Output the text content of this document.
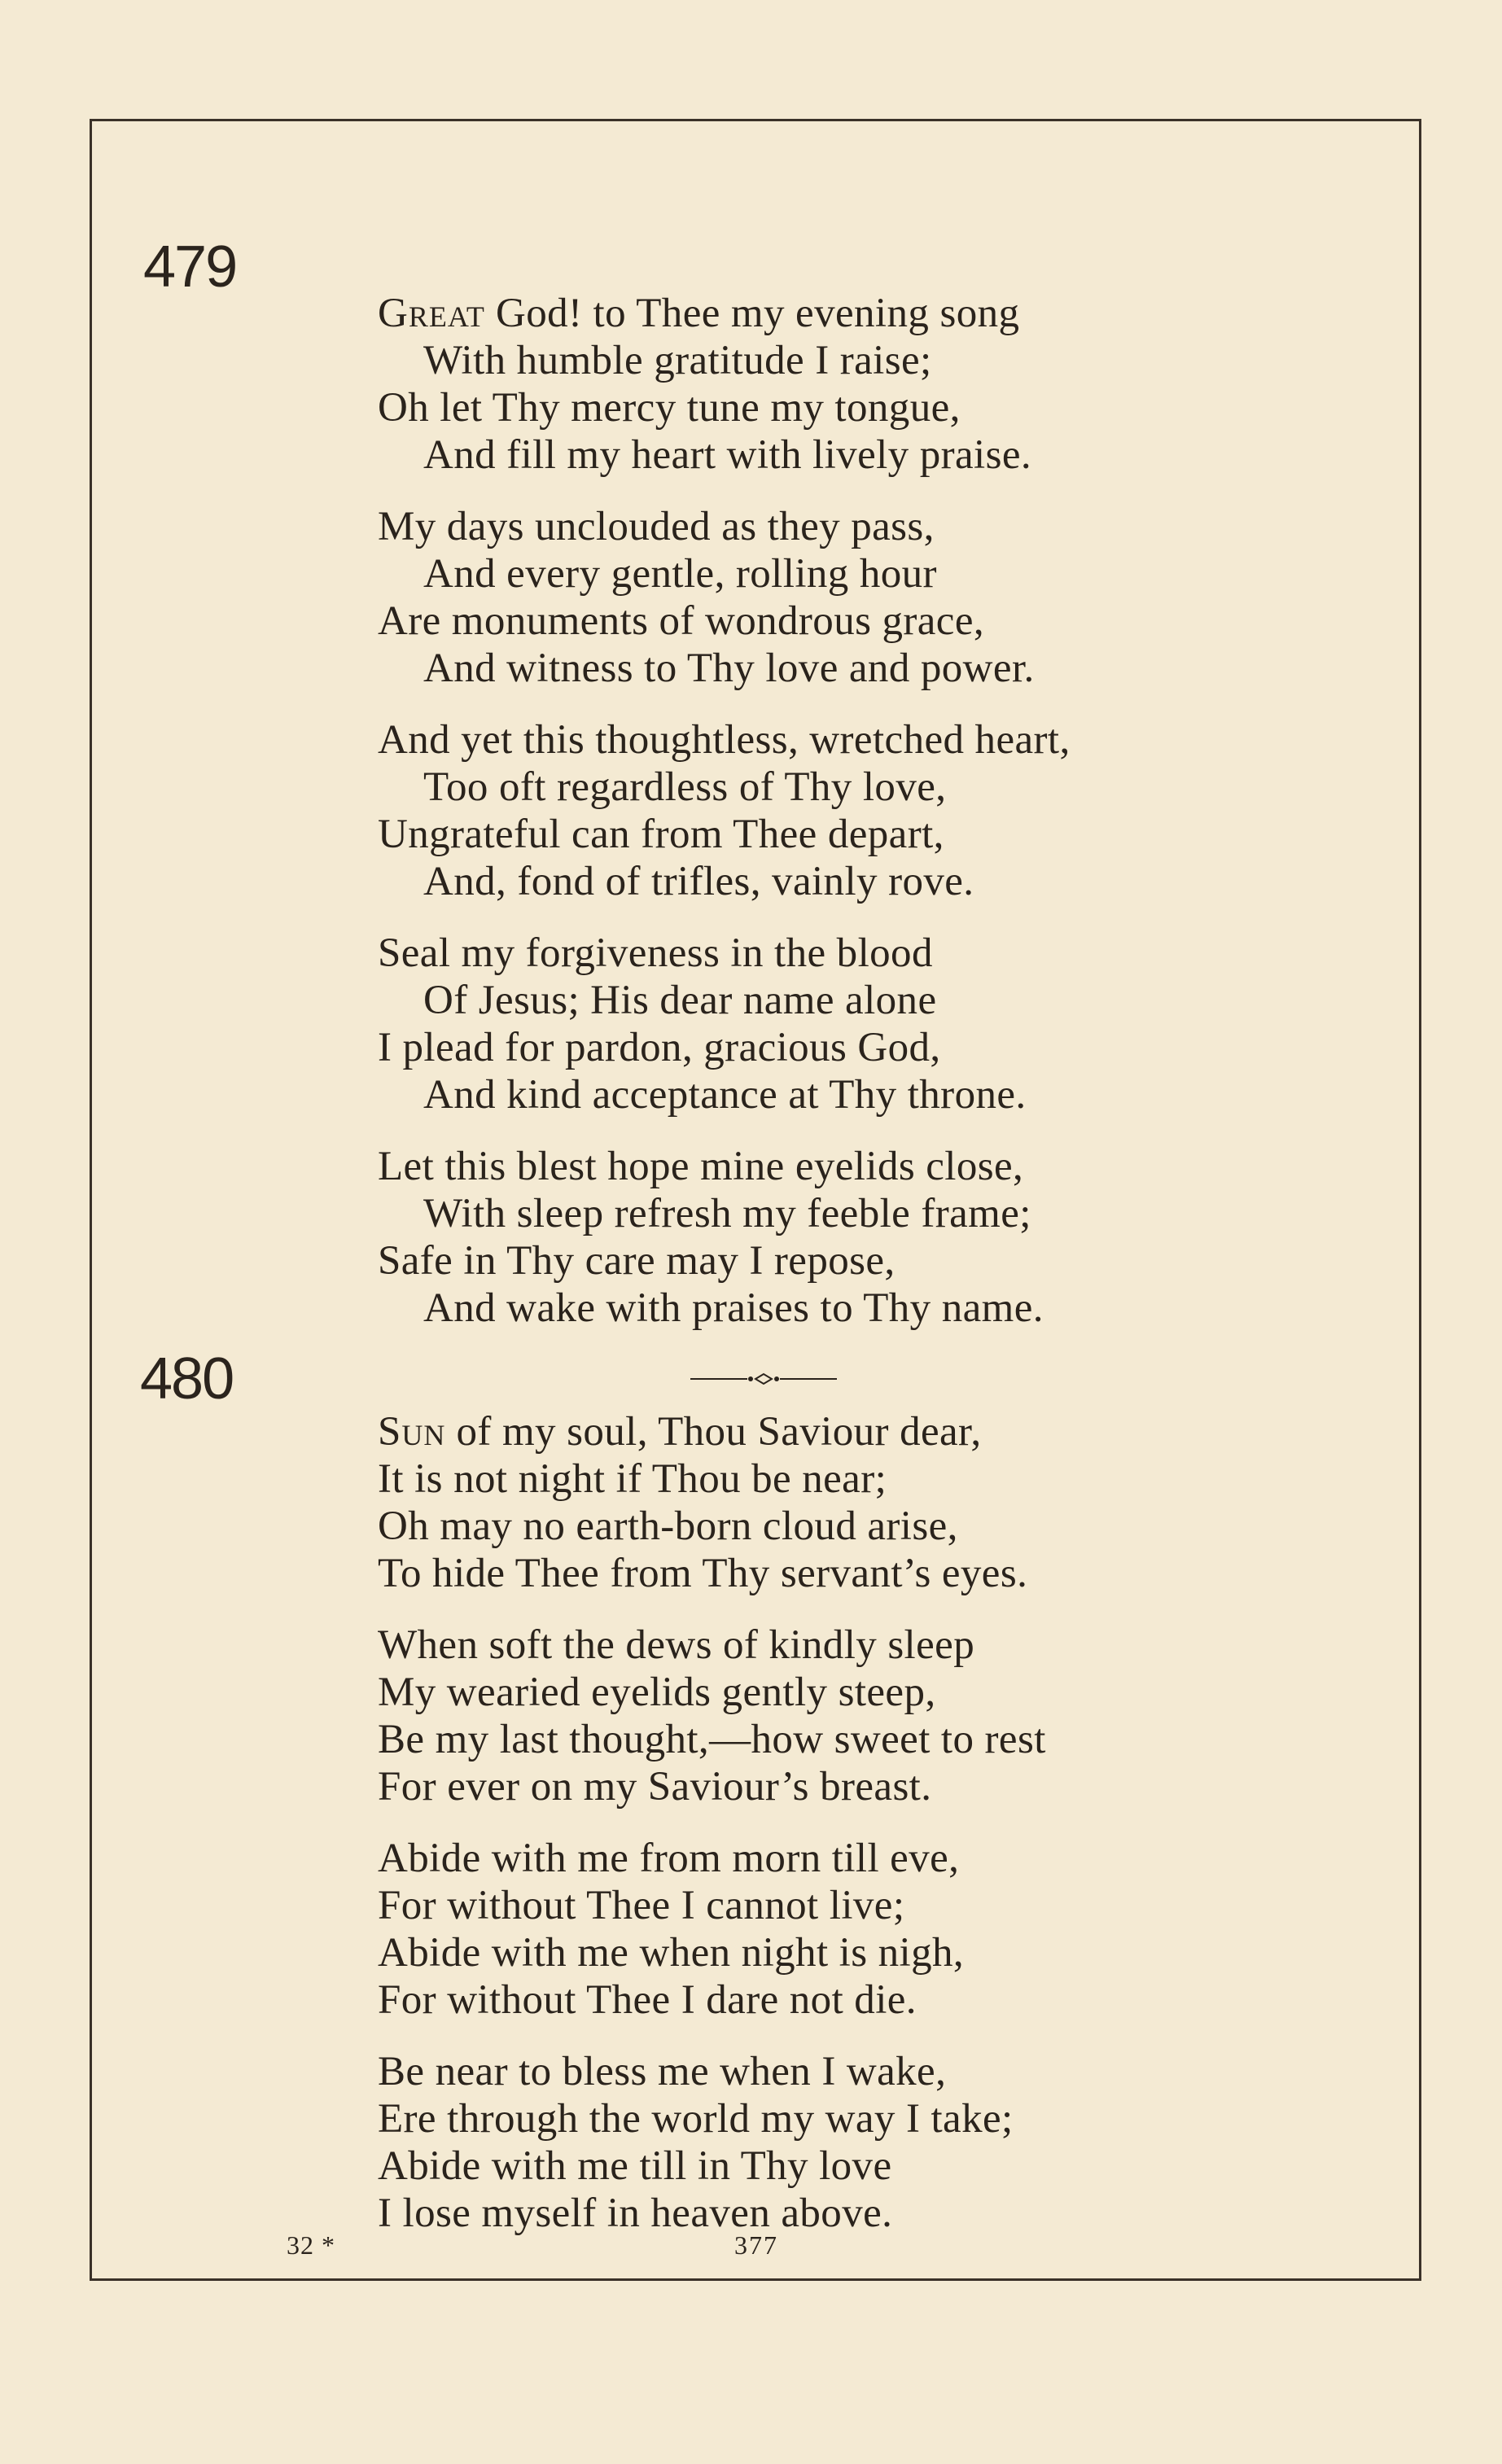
479
Great God! to Thee my evening song
With humble gratitude I raise;
Oh let Thy mercy tune my tongue,
And fill my heart with lively praise.
My days unclouded as they pass,
And every gentle, rolling hour
Are monuments of wondrous grace,
And witness to Thy love and power.
And yet this thoughtless, wretched heart,
Too oft regardless of Thy love,
Ungrateful can from Thee depart,
And, fond of trifles, vainly rove.
Seal my forgiveness in the blood
Of Jesus; His dear name alone
I plead for pardon, gracious God,
And kind acceptance at Thy throne.
Let this blest hope mine eyelids close,
With sleep refresh my feeble frame;
Safe in Thy care may I repose,
And wake with praises to Thy name.
480
Sun of my soul, Thou Saviour dear,
It is not night if Thou be near;
Oh may no earth-born cloud arise,
To hide Thee from Thy servant’s eyes.
When soft the dews of kindly sleep
My wearied eyelids gently steep,
Be my last thought,—how sweet to rest
For ever on my Saviour’s breast.
Abide with me from morn till eve,
For without Thee I cannot live;
Abide with me when night is nigh,
For without Thee I dare not die.
Be near to bless me when I wake,
Ere through the world my way I take;
Abide with me till in Thy love
I lose myself in heaven above.
32 *	377
